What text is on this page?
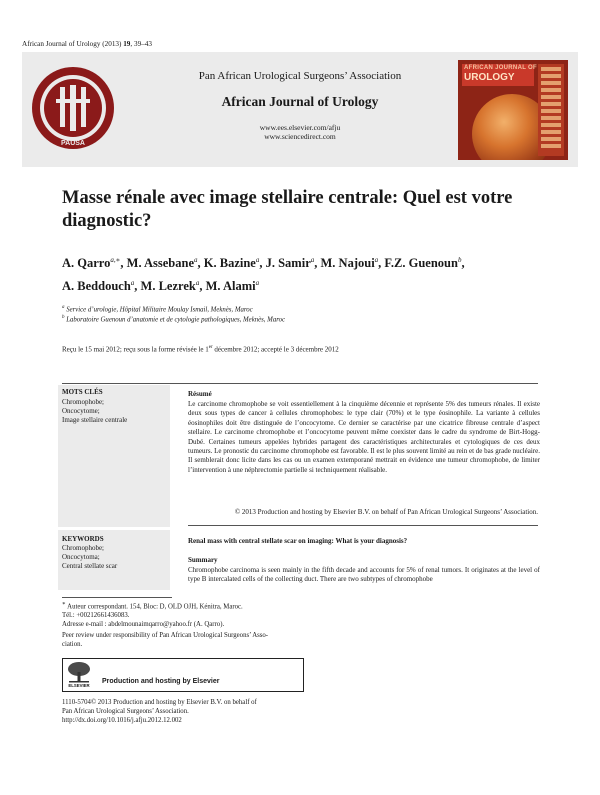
African Journal of Urology (2013) 19, 39–43
PAUSA
Pan African Urological Surgeons’ Association
African Journal of Urology
www.ees.elsevier.com/afju
www.sciencedirect.com
AFRICAN JOURNAL OF
UROLOGY
Masse rénale avec image stellaire centrale: Quel est votre
diagnostic?
A. Qarro$^{a,∗}$, M. Assebane$^a$, K. Bazine$^a$, J. Samir$^a$, M. Najoui$^a$, F.Z. Guenoun$^b$,
A. Beddouch$^a$, M. Lezrek$^a$, M. Alami$^a$
$^a$ Service d’urologie, Hôpital Militaire Moulay Ismail, Meknès, Maroc
$^b$ Laboratoire Guenoun d’anatomie et de cytologie pathologiques, Meknès, Maroc
Reçu le 15 mai 2012; reçu sous la forme révisée le 1er décembre 2012; accepté le 3 décembre 2012
MOTS CLÉS
Chromophobe;
Oncocytome;
Image stellaire centrale
KEYWORDS
Chromophobe;
Oncocytoma;
Central stellate scar
Résumé
Le carcinome chromophobe se voit essentiellement à la cinquième décennie et représente 5% des tumeurs rénales. Il existe deux sous types de cancer à cellules chromophobes: le type clair (70%) et le type éosinophile. La variante à cellules éosinophiles doit être distinguée de l’oncocytome. Ce dernier se caractérise par une cicatrice fibreuse centrale d’aspect stellaire. Le carcinome chromophobe et l’oncocytome peuvent même coexister dans le cadre du syndrome de Birt-Hogg-Dubé. Certaines tumeurs appelées hybrides partagent des caractéristiques architecturales et cytologiques de ces deux tumeurs. Le pronostic du carcinome chromophobe est favorable. Il est le plus souvent limité au rein et de bas grade nucléaire. Il semblerait donc licite dans les cas ou un examen extemporané mettrait en évidence une tumeur chromophobe, de limiter l’intervention à une néphrectomie partielle si techniquement réalisable.
© 2013 Production and hosting by Elsevier B.V. on behalf of Pan African Urological Surgeons’ Association.
Renal mass with central stellate scar on imaging: What is your diagnosis?
Summary
Chromophobe carcinoma is seen mainly in the fifth decade and accounts for 5% of renal tumors. It originates at the level of type B intercalated cells of the collecting duct. There are two subtypes of chromophobe
∗ Auteur correspondant. 154, Bloc: D, OLD OJH, Kénitra, Maroc.
Tél.: +00212661436083.
Adresse e-mail : abdelmounaimqarro@yahoo.fr (A. Qarro).
Peer review under responsibility of Pan African Urological Surgeons’ Asso-
ciation.
ELSEVIER
Production and hosting by Elsevier
1110-5704© 2013 Production and hosting by Elsevier B.V. on behalf of
Pan African Urological Surgeons’ Association.
http://dx.doi.org/10.1016/j.afju.2012.12.002
